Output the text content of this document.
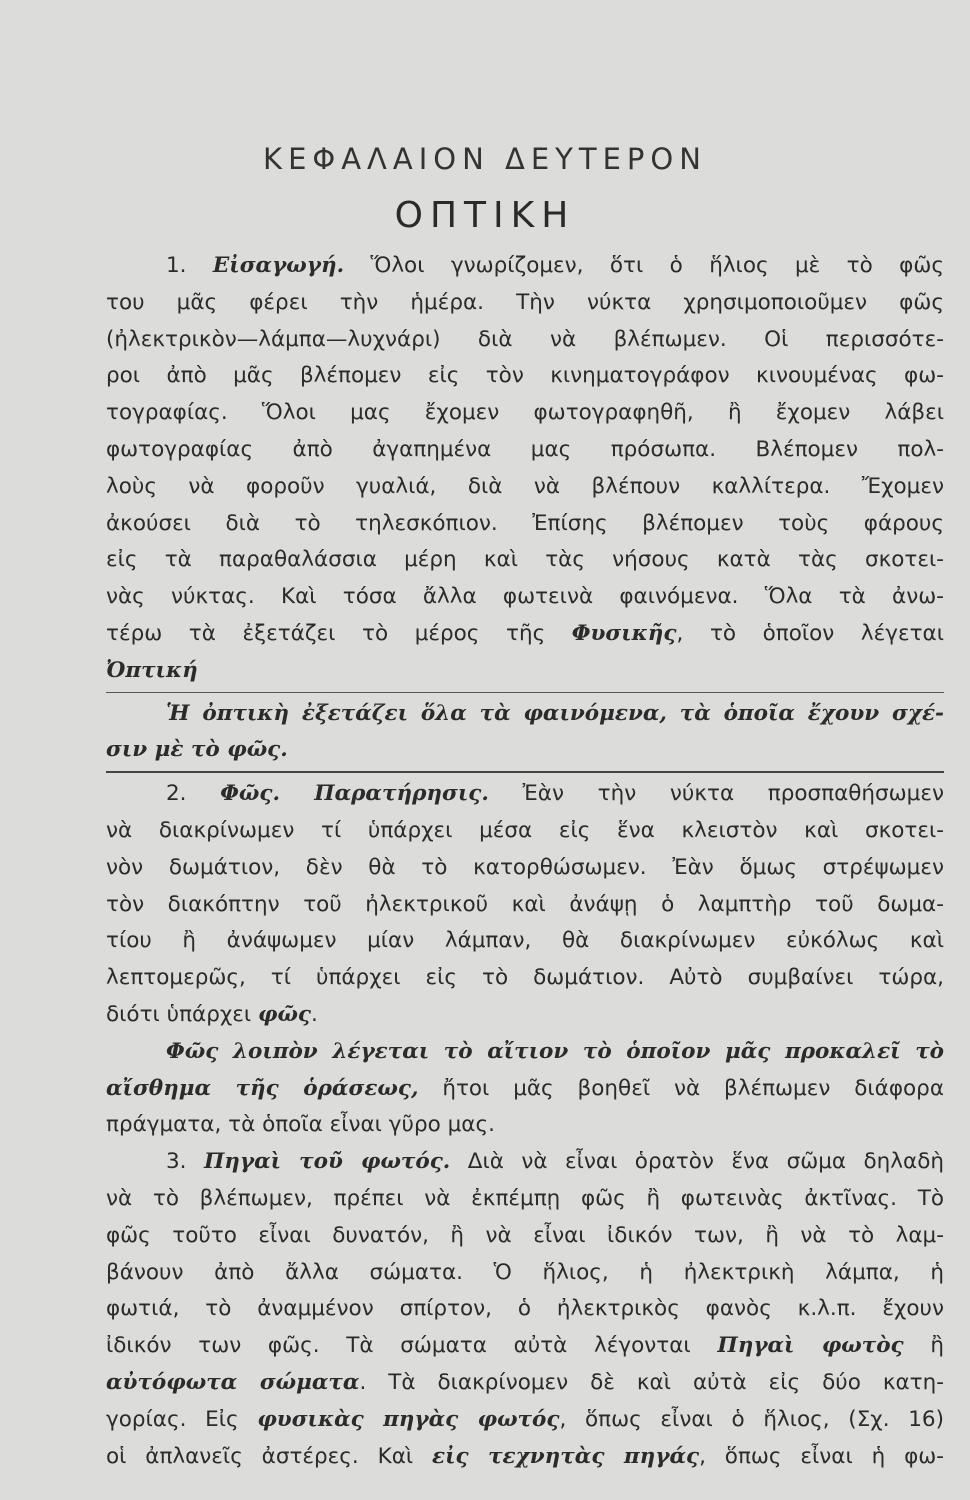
ΚΕΦΑΛΑΙΟΝ ΔΕΥΤΕΡΟΝ
ΟΠΤΙΚΗ
1. Εἰσαγωγή. Ὅλοι γνωρίζομεν, ὅτι ὁ ἥλιος μὲ τὸ φῶς
του μᾶς φέρει τὴν ἡμέρα. Τὴν νύκτα χρησιμοποιοῦμεν φῶς
(ἠλεκτρικὸν—λάμπα—λυχνάρι) διὰ νὰ βλέπωμεν. Οἱ περισσότε-
ροι ἀπὸ μᾶς βλέπομεν εἰς τὸν κινηματογράφον κινουμένας φω-
τογραφίας. Ὅλοι μας ἔχομεν φωτογραφηθῆ, ἢ ἔχομεν λάβει
φωτογραφίας ἀπὸ ἀγαπημένα μας πρόσωπα. Βλέπομεν πολ-
λοὺς νὰ φοροῦν γυαλιά, διὰ νὰ βλέπουν καλλίτερα. Ἔχομεν
ἀκούσει διὰ τὸ τηλεσκόπιον. Ἐπίσης βλέπομεν τοὺς φάρους
εἰς τὰ παραθαλάσσια μέρη καὶ τὰς νήσους κατὰ τὰς σκοτει-
νὰς νύκτας. Καὶ τόσα ἄλλα φωτεινὰ φαινόμενα. Ὅλα τὰ ἀνω-
τέρω τὰ ἐξετάζει τὸ μέρος τῆς Φυσικῆς, τὸ ὁποῖον λέγεται
Ὀπτική
Ἡ ὀπτικὴ ἐξετάζει ὅλα τὰ φαινόμενα, τὰ ὁποῖα ἔχουν σχέ-
σιν μὲ τὸ φῶς.
2. Φῶς. Παρατήρησις. Ἐὰν τὴν νύκτα προσπαθήσωμεν
νὰ διακρίνωμεν τί ὑπάρχει μέσα εἰς ἕνα κλειστὸν καὶ σκοτει-
νὸν δωμάτιον, δὲν θὰ τὸ κατορθώσωμεν. Ἐὰν ὅμως στρέψωμεν
τὸν διακόπτην τοῦ ἠλεκτρικοῦ καὶ ἀνάψῃ ὁ λαμπτὴρ τοῦ δωμα-
τίου ἢ ἀνάψωμεν μίαν λάμπαν, θὰ διακρίνωμεν εὐκόλως καὶ
λεπτομερῶς, τί ὑπάρχει εἰς τὸ δωμάτιον. Αὐτὸ συμβαίνει τώρα,
διότι ὑπάρχει φῶς.
Φῶς λοιπὸν λέγεται τὸ αἴτιον τὸ ὁποῖον μᾶς προκαλεῖ τὸ
αἴσθημα τῆς ὁράσεως, ἤτοι μᾶς βοηθεῖ νὰ βλέπωμεν διάφορα
πράγματα, τὰ ὁποῖα εἶναι γῦρο μας.
3. Πηγαὶ τοῦ φωτός. Διὰ νὰ εἶναι ὁρατὸν ἕνα σῶμα δηλαδὴ
νὰ τὸ βλέπωμεν, πρέπει νὰ ἐκπέμπῃ φῶς ἢ φωτεινὰς ἀκτῖνας. Τὸ
φῶς τοῦτο εἶναι δυνατόν, ἢ νὰ εἶναι ἰδικόν των, ἢ νὰ τὸ λαμ-
βάνουν ἀπὸ ἄλλα σώματα. Ὁ ἥλιος, ἡ ἠλεκτρικὴ λάμπα, ἡ
φωτιά, τὸ ἀναμμένον σπίρτον, ὁ ἠλεκτρικὸς φανὸς κ.λ.π. ἔχουν
ἰδικόν των φῶς. Τὰ σώματα αὐτὰ λέγονται Πηγαὶ φωτὸς ἢ
αὐτόφωτα σώματα. Τὰ διακρίνομεν δὲ καὶ αὐτὰ εἰς δύο κατη-
γορίας. Εἰς φυσικὰς πηγὰς φωτός, ὅπως εἶναι ὁ ἥλιος, (Σχ. 16)
οἱ ἀπλανεῖς ἀστέρες. Καὶ εἰς τεχνητὰς πηγάς, ὅπως εἶναι ἡ φω-
